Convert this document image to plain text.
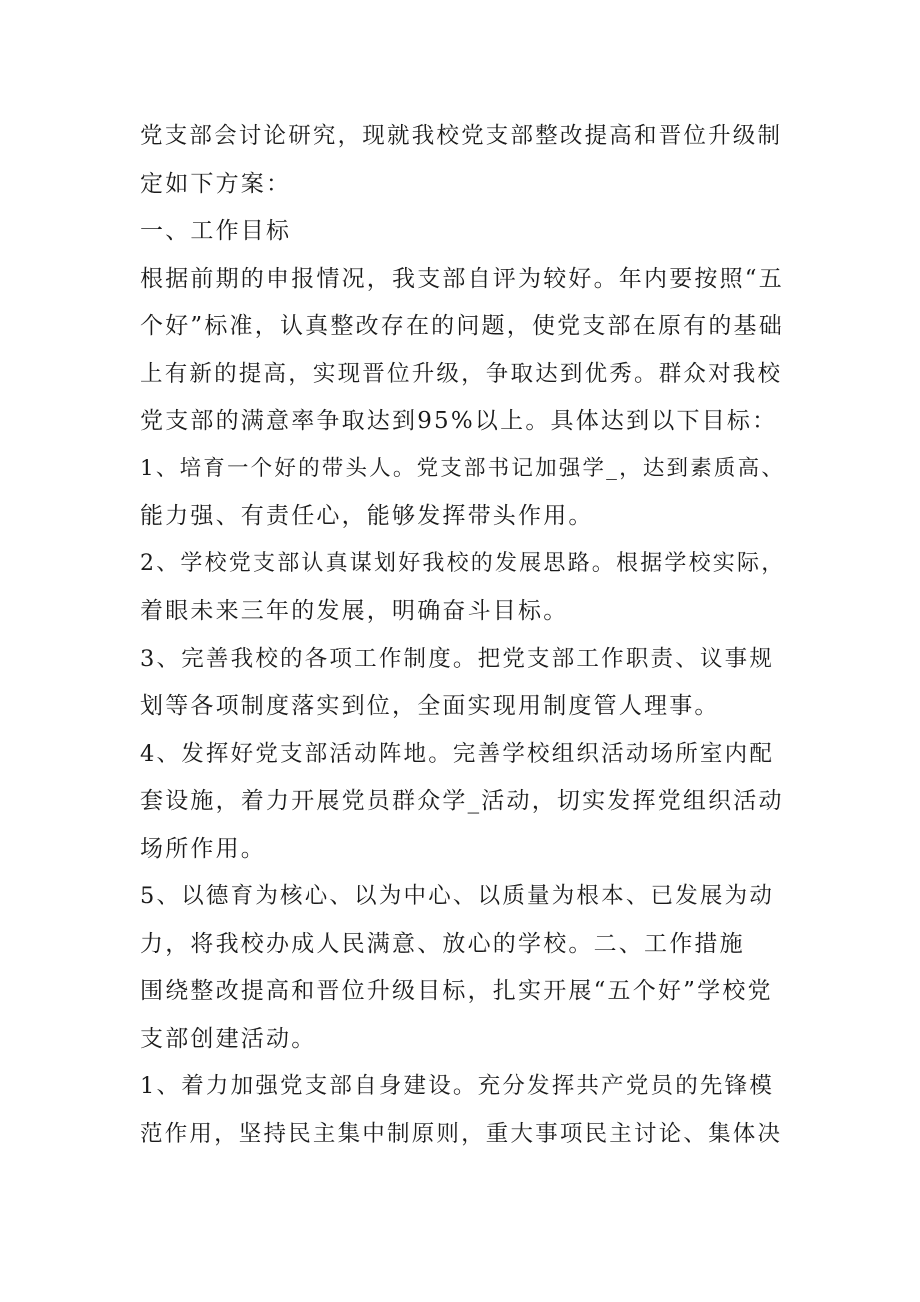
党支部会讨论研究，现就我校党支部整改提高和晋位升级制
定如下方案：
一、工作目标
根据前期的申报情况，我支部自评为较好。年内要按照“五
个好”标准，认真整改存在的问题，使党支部在原有的基础
上有新的提高，实现晋位升级，争取达到优秀。群众对我校
党支部的满意率争取达到95%以上。具体达到以下目标：
1、培育一个好的带头人。党支部书记加强学_，达到素质高、
能力强、有责任心，能够发挥带头作用。
2、学校党支部认真谋划好我校的发展思路。根据学校实际，
着眼未来三年的发展，明确奋斗目标。
3、完善我校的各项工作制度。把党支部工作职责、议事规
划等各项制度落实到位，全面实现用制度管人理事。
4、发挥好党支部活动阵地。完善学校组织活动场所室内配
套设施，着力开展党员群众学_活动，切实发挥党组织活动
场所作用。
5、以德育为核心、以为中心、以质量为根本、已发展为动
力，将我校办成人民满意、放心的学校。二、工作措施
围绕整改提高和晋位升级目标，扎实开展“五个好”学校党
支部创建活动。
1、着力加强党支部自身建设。充分发挥共产党员的先锋模
范作用，坚持民主集中制原则，重大事项民主讨论、集体决
